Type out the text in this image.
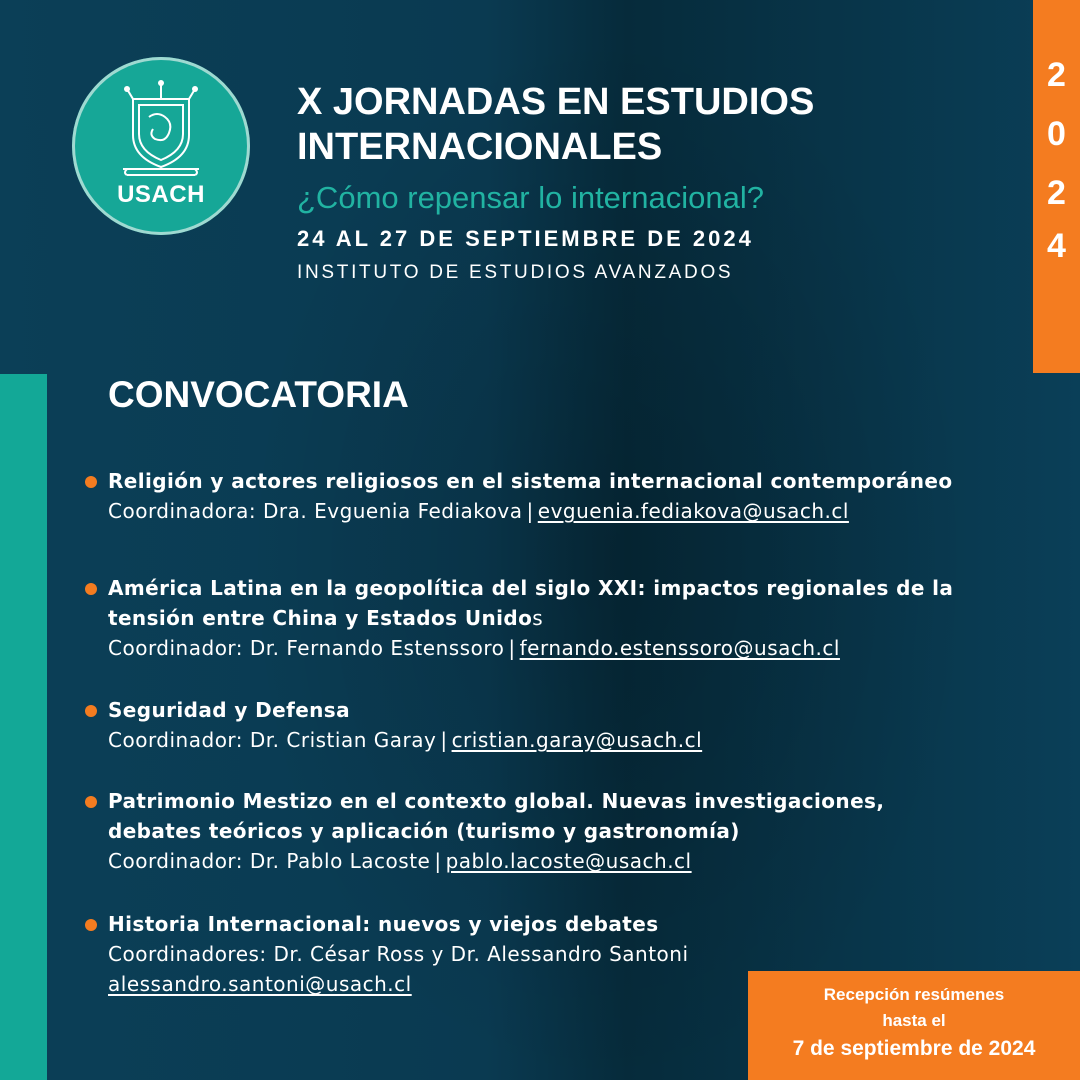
2
0
2
4
USACH
X JORNADAS EN ESTUDIOS
INTERNACIONALES
¿Cómo repensar lo internacional?
24 AL 27 DE SEPTIEMBRE DE 2024
INSTITUTO DE ESTUDIOS AVANZADOS
CONVOCATORIA
Religión y actores religiosos en el sistema internacional contemporáneo
Coordinadora: Dra. Evguenia Fediakova | evguenia.fediakova@usach.cl
América Latina en la geopolítica del siglo XXI: impactos regionales de la
tensión entre China y Estados Unidos
Coordinador: Dr. Fernando Estenssoro | fernando.estenssoro@usach.cl
Seguridad y Defensa
Coordinador: Dr. Cristian Garay | cristian.garay@usach.cl
Patrimonio Mestizo en el contexto global. Nuevas investigaciones,
debates teóricos y aplicación (turismo y gastronomía)
Coordinador: Dr. Pablo Lacoste | pablo.lacoste@usach.cl
Historia Internacional: nuevos y viejos debates
Coordinadores: Dr. César Ross y Dr. Alessandro Santoni
alessandro.santoni@usach.cl	Recepción resúmenes
hasta el
7 de septiembre de 2024
